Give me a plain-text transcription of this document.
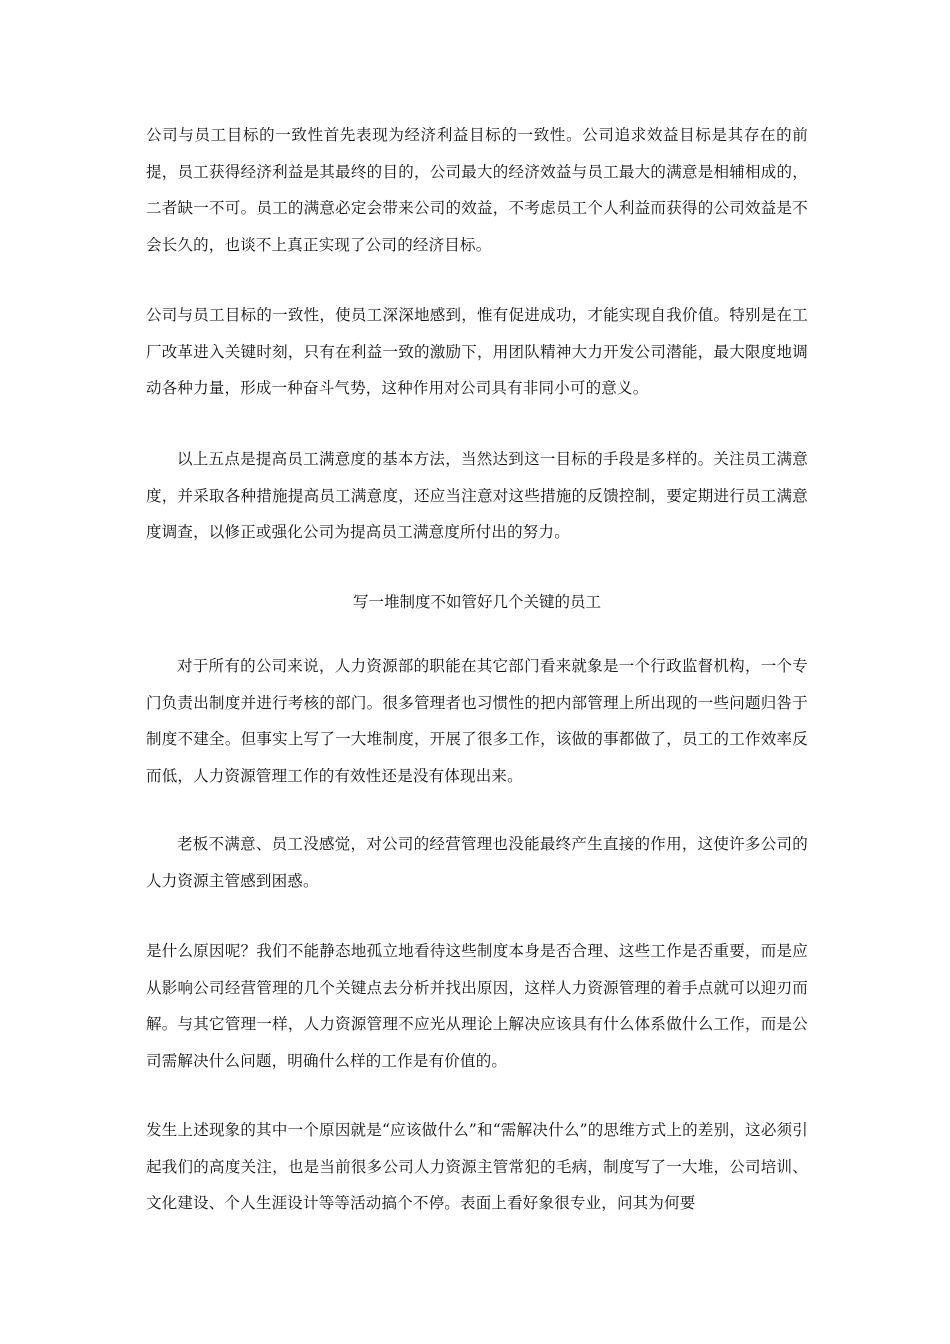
公司与员工目标的一致性首先表现为经济利益目标的一致性。公司追求效益目标是其存在的前提，员工获得经济利益是其最终的目的，公司最大的经济效益与员工最大的满意是相辅相成的，二者缺一不可。员工的满意必定会带来公司的效益，不考虑员工个人利益而获得的公司效益是不会长久的，也谈不上真正实现了公司的经济目标。

公司与员工目标的一致性，使员工深深地感到，惟有促进成功，才能实现自我价值。特别是在工厂改革进入关键时刻，只有在利益一致的激励下，用团队精神大力开发公司潜能，最大限度地调动各种力量，形成一种奋斗气势，这种作用对公司具有非同小可的意义。

以上五点是提高员工满意度的基本方法，当然达到这一目标的手段是多样的。关注员工满意度，并采取各种措施提高员工满意度，还应当注意对这些措施的反馈控制，要定期进行员工满意度调查，以修正或强化公司为提高员工满意度所付出的努力。

写一堆制度不如管好几个关键的员工

对于所有的公司来说，人力资源部的职能在其它部门看来就象是一个行政监督机构，一个专门负责出制度并进行考核的部门。很多管理者也习惯性的把内部管理上所出现的一些问题归咎于制度不建全。但事实上写了一大堆制度，开展了很多工作，该做的事都做了，员工的工作效率反而低，人力资源管理工作的有效性还是没有体现出来。

老板不满意、员工没感觉，对公司的经营管理也没能最终产生直接的作用，这使许多公司的人力资源主管感到困惑。

是什么原因呢？我们不能静态地孤立地看待这些制度本身是否合理、这些工作是否重要，而是应从影响公司经营管理的几个关键点去分析并找出原因，这样人力资源管理的着手点就可以迎刃而解。与其它管理一样，人力资源管理不应光从理论上解决应该具有什么体系做什么工作，而是公司需解决什么问题，明确什么样的工作是有价值的。

发生上述现象的其中一个原因就是“应该做什么”和“需解决什么”的思维方式上的差别，这必须引起我们的高度关注，也是当前很多公司人力资源主管常犯的毛病，制度写了一大堆，公司培训、文化建设、个人生涯设计等等活动搞个不停。表面上看好象很专业，问其为何要
